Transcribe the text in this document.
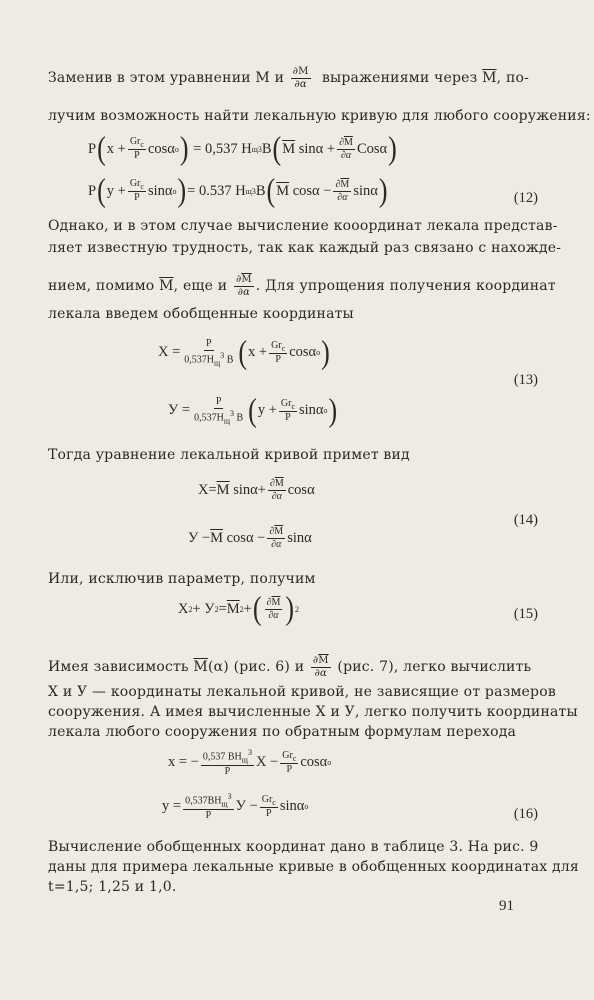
Заменив в этом уравнении М и $\frac{\partial M}{\partial\alpha}$ выражениями через $\overline{M}$, по-
лучим возможность найти лекальную кривую для любого сооружения:
P ( $x + \frac{Gr_c}{P}$ cosα o ) = 0,537 H щ 3 B ( $\overline{M}$ $\sin\alpha + \frac{\partial\overline{M}}{\partial\alpha}$ Cosα )
P ( $y + \frac{Gr_c}{P}$ sinα o ) = 0.537 H щ 3 B ( $\overline{M}$ $\cos\alpha - \frac{\partial\overline{M}}{\partial\alpha}$ sinα )	(12)
Однако, и в этом случае вычисление кооординат лекала представ-
ляет известную трудность, так как каждый раз связано с нахожде-
нием, помимо $\overline{M}$, еще и $\frac{\partial\overline{M}}{\partial\alpha}$ . Для упрощения получения координат
лекала введем обобщенные координаты
$X = \frac{P}{0,537H_щ^3 B}$ ( $x + \frac{Gr_c}{P}$ cosα o )
(13)
$У = \frac{P}{0,537H_щ^3 B}$ ( $y + \frac{Gr_c}{P}$ sinα o )
Тогда уравнение лекальной кривой примет вид
$X= \overline{M}$ $\sin\alpha+ \frac{\partial\overline{M}}{\partial\alpha}$ cosα
(14)
$У - \overline{M}$ $\cos\alpha - \frac{\partial\overline{M}}{\partial\alpha}$ sinα
Или, исключив параметр, получим
X 2 + У $2 = \overline{M}$ 2 + ( $\frac{\partial\overline{M}}{\partial\alpha}$ ) 2	(15)
Имея зависимость $\overline{M}(\alpha)$ (рис. 6) и $\frac{\partial\overline{M}}{\partial\alpha} (рис$. 7), легко вычислить
Х и У — координаты лекальной кривой, не зависящие от размеров
сооружения. А имея вычисленные Х и У, легко получить координаты
лекала любого сооружения по обратным формулам перехода
x = − $\frac{0,537 BH_щ^3}{P}$ $X - \frac{Gr_c}{P}$ cosα o
$y = \frac{0,537BH_щ^3}{P}$ $У - \frac{Gr_c}{P}$ sinα o	(16)
Вычисление обобщенных координат дано в таблице 3. На рис. 9
даны для примера лекальные кривые в обобщенных координатах для
t=1,5; 1,25 и 1,0.
91
